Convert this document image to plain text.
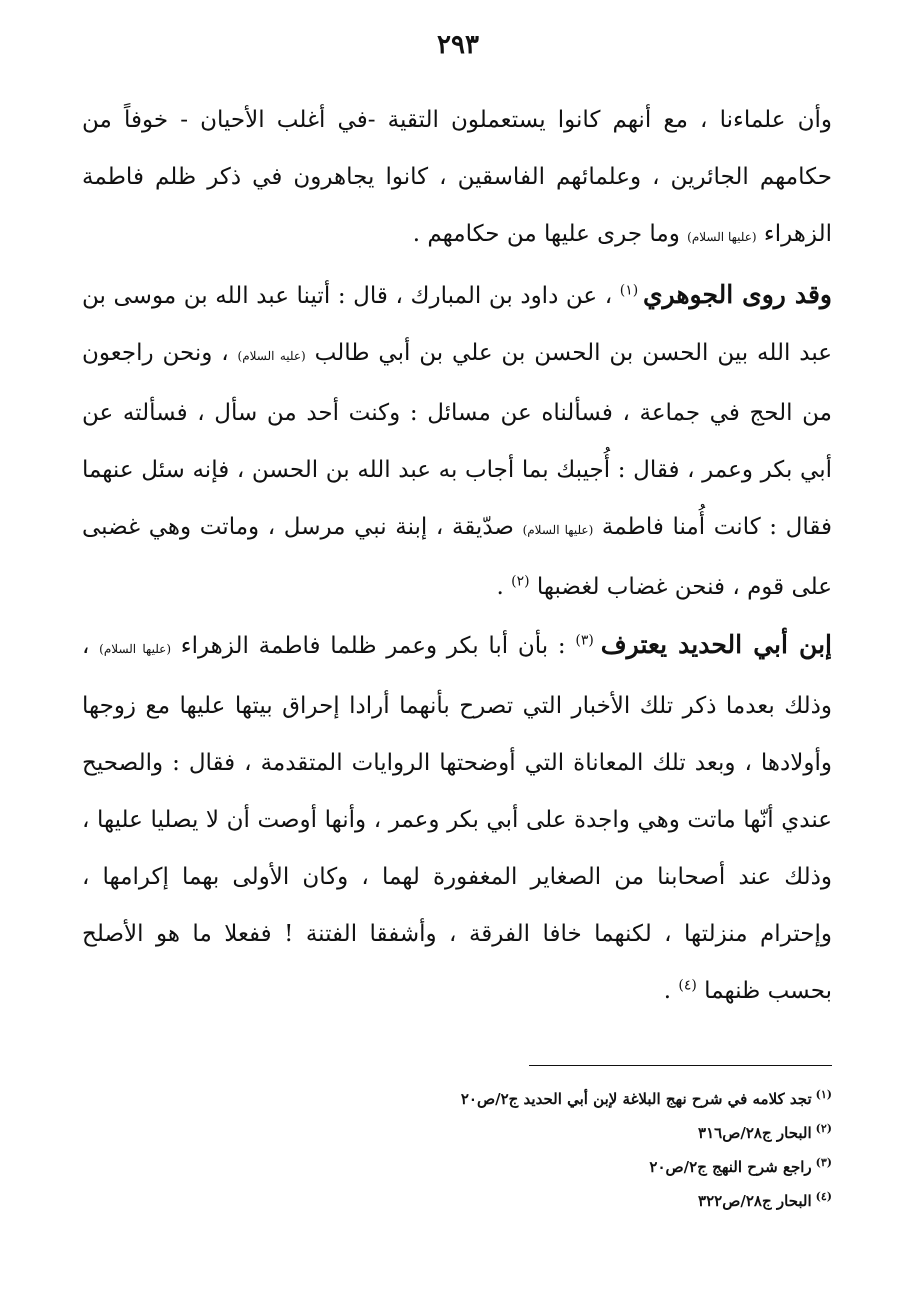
٢٩٣

وأن علماءنا ، مع أنهم كانوا يستعملون التقية -في أغلب الأحيان - خوفاً من حكامهم الجائرين ، وعلمائهم الفاسقين ، كانوا يجاهرون في ذكر ظلم فاطمة الزهراء (عليها السلام) وما جرى عليها من حكامهم .

وقد روى الجوهري $^{(١)}$ ، عن داود بن المبارك ، قال : أتينا عبد الله بن موسى بن عبد الله بين الحسن بن الحسن بن علي بن أبي طالب (عليه السلام) ، ونحن راجعون من الحج في جماعة ، فسألناه عن مسائل : وكنت أحد من سأل ، فسألته عن أبي بكر وعمر ، فقال : أُجيبك بما أجاب به عبد الله بن الحسن ، فإنه سئل عنهما فقال : كانت أُمنا فاطمة (عليها السلام) صدّيقة ، إبنة نبي مرسل ، وماتت وهي غضبى على قوم ، فنحن غضاب لغضبها $^{(٢)}$ .

إبن أبي الحديد يعترف $^{(٣)}$ : بأن أبا بكر وعمر ظلما فاطمة الزهراء (عليها السلام) ، وذلك بعدما ذكر تلك الأخبار التي تصرح بأنهما أرادا إحراق بيتها عليها مع زوجها وأولادها ، وبعد تلك المعاناة التي أوضحتها الروايات المتقدمة ، فقال : والصحيح عندي أنّها ماتت وهي واجدة على أبي بكر وعمر ، وأنها أوصت أن لا يصليا عليها ، وذلك عند أصحابنا من الصغاير المغفورة لهما ، وكان الأولى بهما إكرامها ، وإحترام منزلتها ، لكنهما خافا الفرقة ، وأشفقا الفتنة ! ففعلا ما هو الأصلح بحسب ظنهما $^{(٤)}$ .

$^{(١)}$تجد كلامه في شرح نهج البلاغة لإبن أبي الحديد ج٢/ص٢٠
$^{(٢)}$البحار ج٢٨/ص٣١٦
$^{(٣)}$راجع شرح النهج ج٢/ص٢٠
$^{(٤)}$البحار ج٢٨/ص٣٢٢
